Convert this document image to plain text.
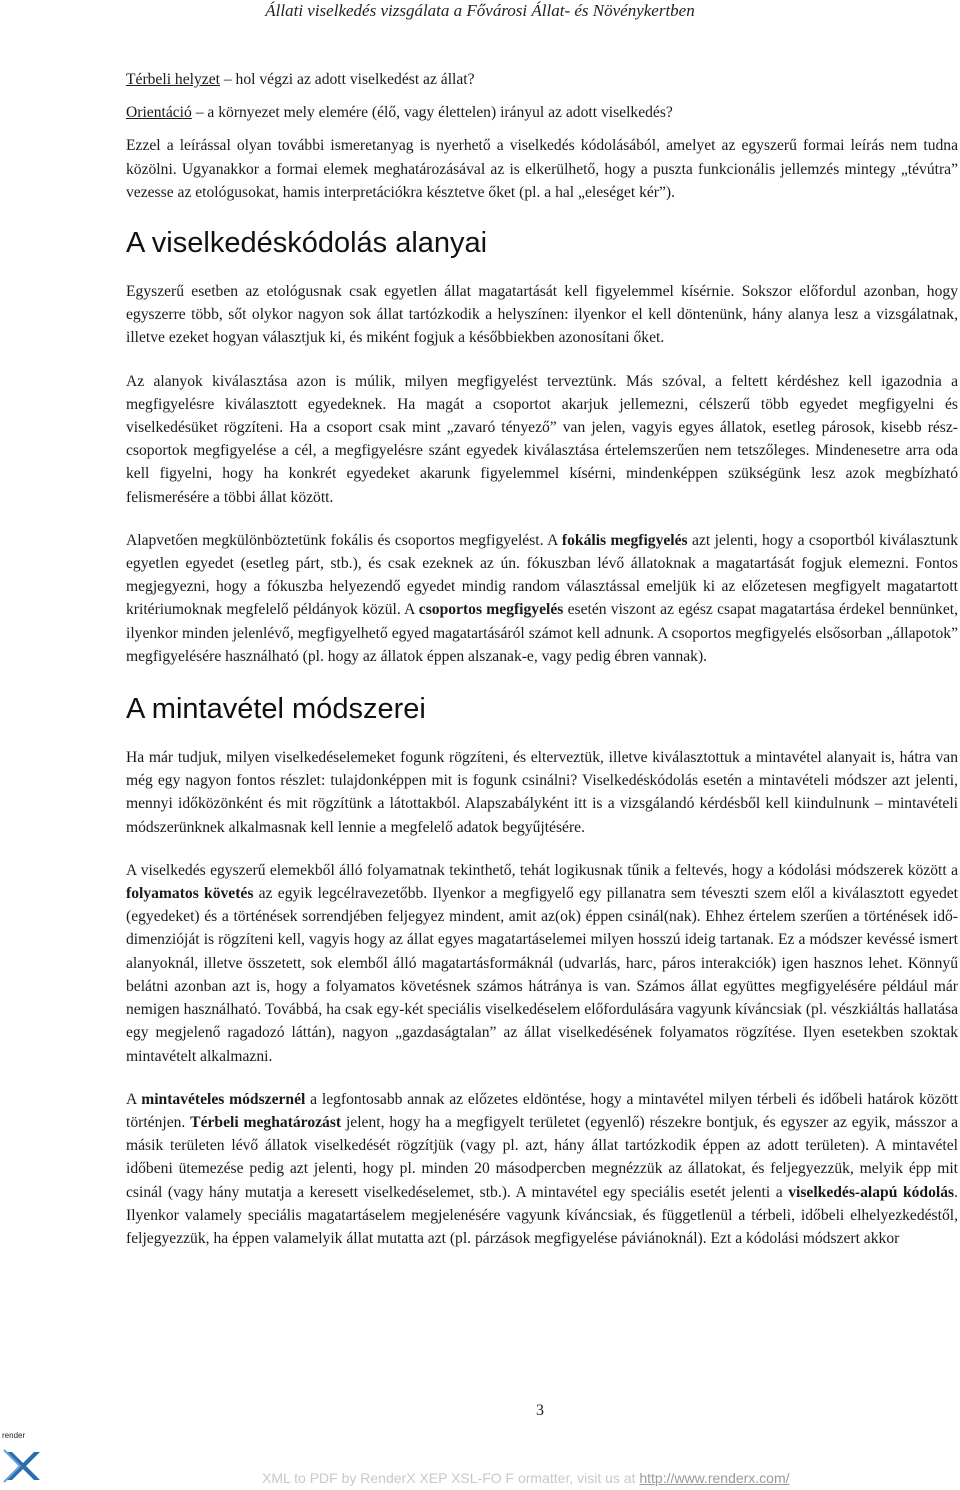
Állati viselkedés vizsgálata a Fővárosi Állat- és Növénykertben

Térbeli helyzet – hol végzi az adott viselkedést az állat?

Orientáció – a környezet mely elemére (élő, vagy élettelen) irányul az adott viselkedés?

Ezzel a leírással olyan további ismeretanyag is nyerhető a viselkedés kódolásából, amelyet az egyszerű formai leírás nem tudna közölni. Ugyanakkor a formai elemek meghatározásával az is elkerülhető, hogy a puszta funkcionális jellemzés mintegy „tévútra” vezesse az etológusokat, hamis interpretációkra késztetve őket (pl. a hal „eleséget kér”).

A viselkedéskódolás alanyai

Egyszerű esetben az etológusnak csak egyetlen állat magatartását kell figyelemmel kísérnie. Sokszor előfordul azonban, hogy egyszerre több, sőt olykor nagyon sok állat tartózkodik a helyszínen: ilyenkor el kell döntenünk, hány alanya lesz a vizsgálatnak, illetve ezeket hogyan választjuk ki, és miként fogjuk a későbbiekben azonosítani őket.

Az alanyok kiválasztása azon is múlik, milyen megfigyelést terveztünk. Más szóval, a feltett kérdéshez kell igazodnia a megfigyelésre kiválasztott egyedeknek. Ha magát a csoportot akarjuk jellemezni, célszerű több egyedet megfigyelni és viselkedésüket rögzíteni. Ha a csoport csak mint „zavaró tényező” van jelen, vagyis egyes állatok, esetleg párosok, kisebb rész-csoportok megfigyelése a cél, a megfigyelésre szánt egyedek kiválasztása értelemszerűen nem tetszőleges. Mindenesetre arra oda kell figyelni, hogy ha konkrét egyedeket akarunk figyelemmel kísérni, mindenképpen szükségünk lesz azok megbízható felismerésére a többi állat között.

Alapvetően megkülönböztetünk fokális és csoportos megfigyelést. A fokális megfigyelés azt jelenti, hogy a csoportból kiválasztunk egyetlen egyedet (esetleg párt, stb.), és csak ezeknek az ún. fókuszban lévő állatoknak a magatartását fogjuk elemezni. Fontos megjegyezni, hogy a fókuszba helyezendő egyedet mindig random választással emeljük ki az előzetesen megfigyelt magatartott kritériumoknak megfelelő példányok közül. A csoportos megfigyelés esetén viszont az egész csapat magatartása érdekel bennünket, ilyenkor minden jelenlévő, megfigyelhető egyed magatartásáról számot kell adnunk. A csoportos megfigyelés elsősorban „állapotok” megfigyelésére használható (pl. hogy az állatok éppen alszanak-e, vagy pedig ébren vannak).

A mintavétel módszerei

Ha már tudjuk, milyen viselkedéselemeket fogunk rögzíteni, és elterveztük, illetve kiválasztottuk a mintavétel alanyait is, hátra van még egy nagyon fontos részlet: tulajdonképpen mit is fogunk csinálni? Viselkedéskódolás esetén a mintavételi módszer azt jelenti, mennyi időközönként és mit rögzítünk a látottakból. Alapszabályként itt is a vizsgálandó kérdésből kell kiindulnunk – mintavételi módszerünknek alkalmasnak kell lennie a megfelelő adatok begyűjtésére.

A viselkedés egyszerű elemekből álló folyamatnak tekinthető, tehát logikusnak tűnik a feltevés, hogy a kódolási módszerek között a folyamatos követés az egyik legcélravezetőbb. Ilyenkor a megfigyelő egy pillanatra sem téveszti szem elől a kiválasztott egyedet (egyedeket) és a történések sorrendjében feljegyez mindent, amit az(ok) éppen csinál(nak). Ehhez értelem szerűen a történések idő-dimenzióját is rögzíteni kell, vagyis hogy az állat egyes magatartáselemei milyen hosszú ideig tartanak. Ez a módszer kevéssé ismert alanyoknál, illetve összetett, sok elemből álló magatartásformáknál (udvarlás, harc, páros interakciók) igen hasznos lehet. Könnyű belátni azonban azt is, hogy a folyamatos követésnek számos hátránya is van. Számos állat együttes megfigyelésére például már nemigen használható. Továbbá, ha csak egy-két speciális viselkedéselem előfordulására vagyunk kíváncsiak (pl. vészkiáltás hallatása egy megjelenő ragadozó láttán), nagyon „gazdaságtalan” az állat viselkedésének folyamatos rögzítése. Ilyen esetekben szoktak mintavételt alkalmazni.

A mintavételes módszernél a legfontosabb annak az előzetes eldöntése, hogy a mintavétel milyen térbeli és időbeli határok között történjen. Térbeli meghatározást jelent, hogy ha a megfigyelt területet (egyenlő) részekre bontjuk, és egyszer az egyik, másszor a másik területen lévő állatok viselkedését rögzítjük (vagy pl. azt, hány állat tartózkodik éppen az adott területen). A mintavétel időbeni ütemezése pedig azt jelenti, hogy pl. minden 20 másodpercben megnézzük az állatokat, és feljegyezzük, melyik épp mit csinál (vagy hány mutatja a keresett viselkedéselemet, stb.). A mintavétel egy speciális esetét jelenti a viselkedés-alapú kódolás. Ilyenkor valamely speciális magatartáselem megjelenésére vagyunk kíváncsiak, és függetlenül a térbeli, időbeli elhelyezkedéstől, feljegyezzük, ha éppen valamelyik állat mutatta azt (pl. párzások megfigyelése páviánoknál). Ezt a kódolási módszert akkor

3
render
XML to PDF by RenderX XEP XSL-FO F ormatter, visit us at http://www.renderx.com/
